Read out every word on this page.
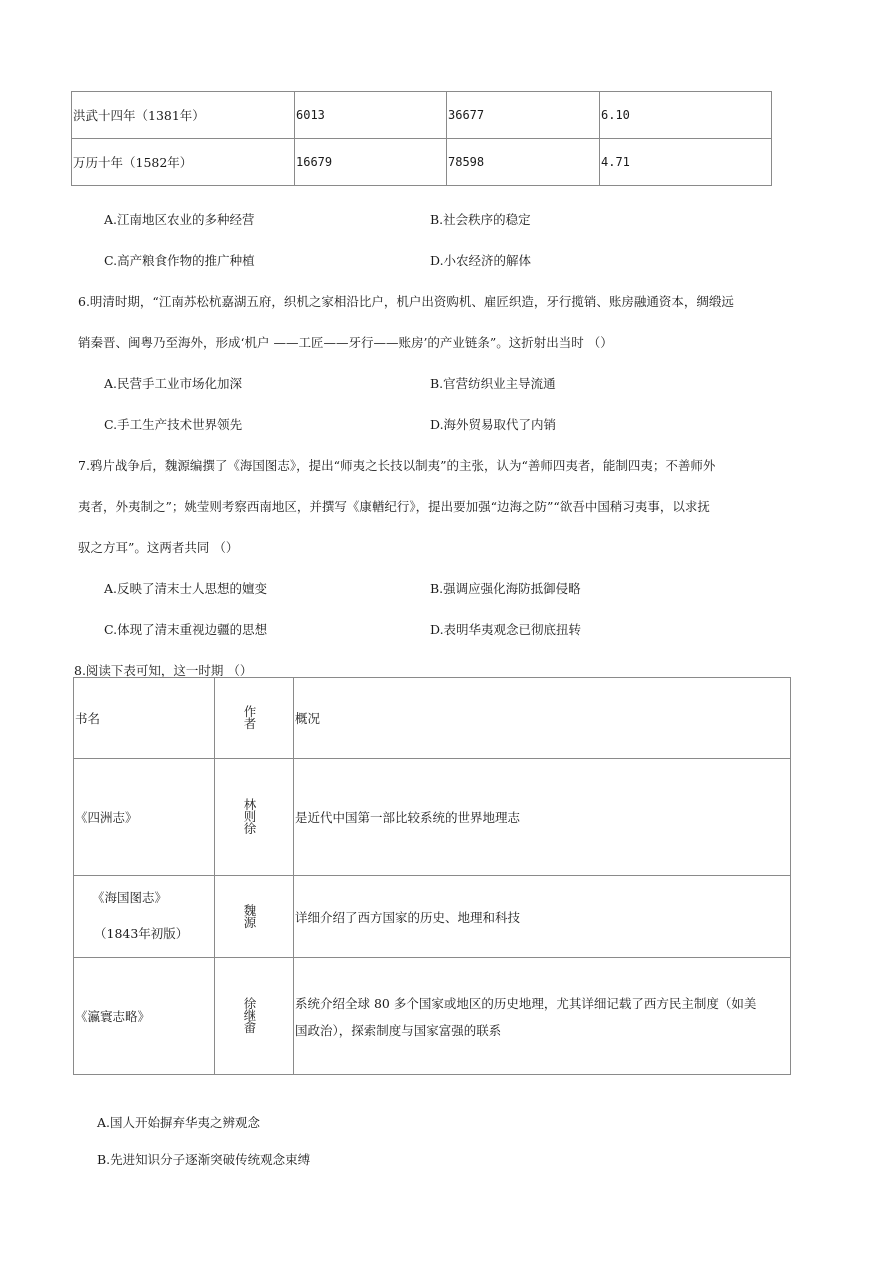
洪武十四年（1381年）	6013	36677	6.10
万历十年（1582年）	16679	78598	4.71
A.江南地区农业的多种经营	B.社会秩序的稳定
C.高产粮食作物的推广种植	D.小农经济的解体
6.明清时期，“江南苏松杭嘉湖五府，织机之家相沿比户，机户出资购机、雇匠织造，牙行揽销、账房融通资本，绸缎远
销秦晋、闽粤乃至海外，形成‘机户 ——工匠——牙行——账房’的产业链条”。这折射出当时 （）
A.民营手工业市场化加深	B.官营纺织业主导流通
C.手工生产技术世界领先	D.海外贸易取代了内销
7.鸦片战争后，魏源编撰了《海国图志》，提出“师夷之长技以制夷”的主张，认为“善师四夷者，能制四夷；不善师外
夷者，外夷制之”；姚莹则考察西南地区，并撰写《康輶纪行》，提出要加强“边海之防”“欲吾中国稍习夷事，以求抚
驭之方耳”。这两者共同 （）
A.反映了清末士人思想的嬗变	B.强调应强化海防抵御侵略
C.体现了清末重视边疆的思想	D.表明华夷观念已彻底扭转
8.阅读下表可知，这一时期 （）
书名	作者	概况
《四洲志》	林则徐	是近代中国第一部比较系统的世界地理志

《海国图志》
（1843年初版）	魏源	详细介绍了西方国家的历史、地理和科技
《瀛寰志略》	徐继畬	系统介绍全球 80 多个国家或地区的历史地理，尤其详细记载了西方民主制度（如美
国政治），探索制度与国家富强的联系
A.国人开始摒弃华夷之辨观念
B.先进知识分子逐渐突破传统观念束缚
